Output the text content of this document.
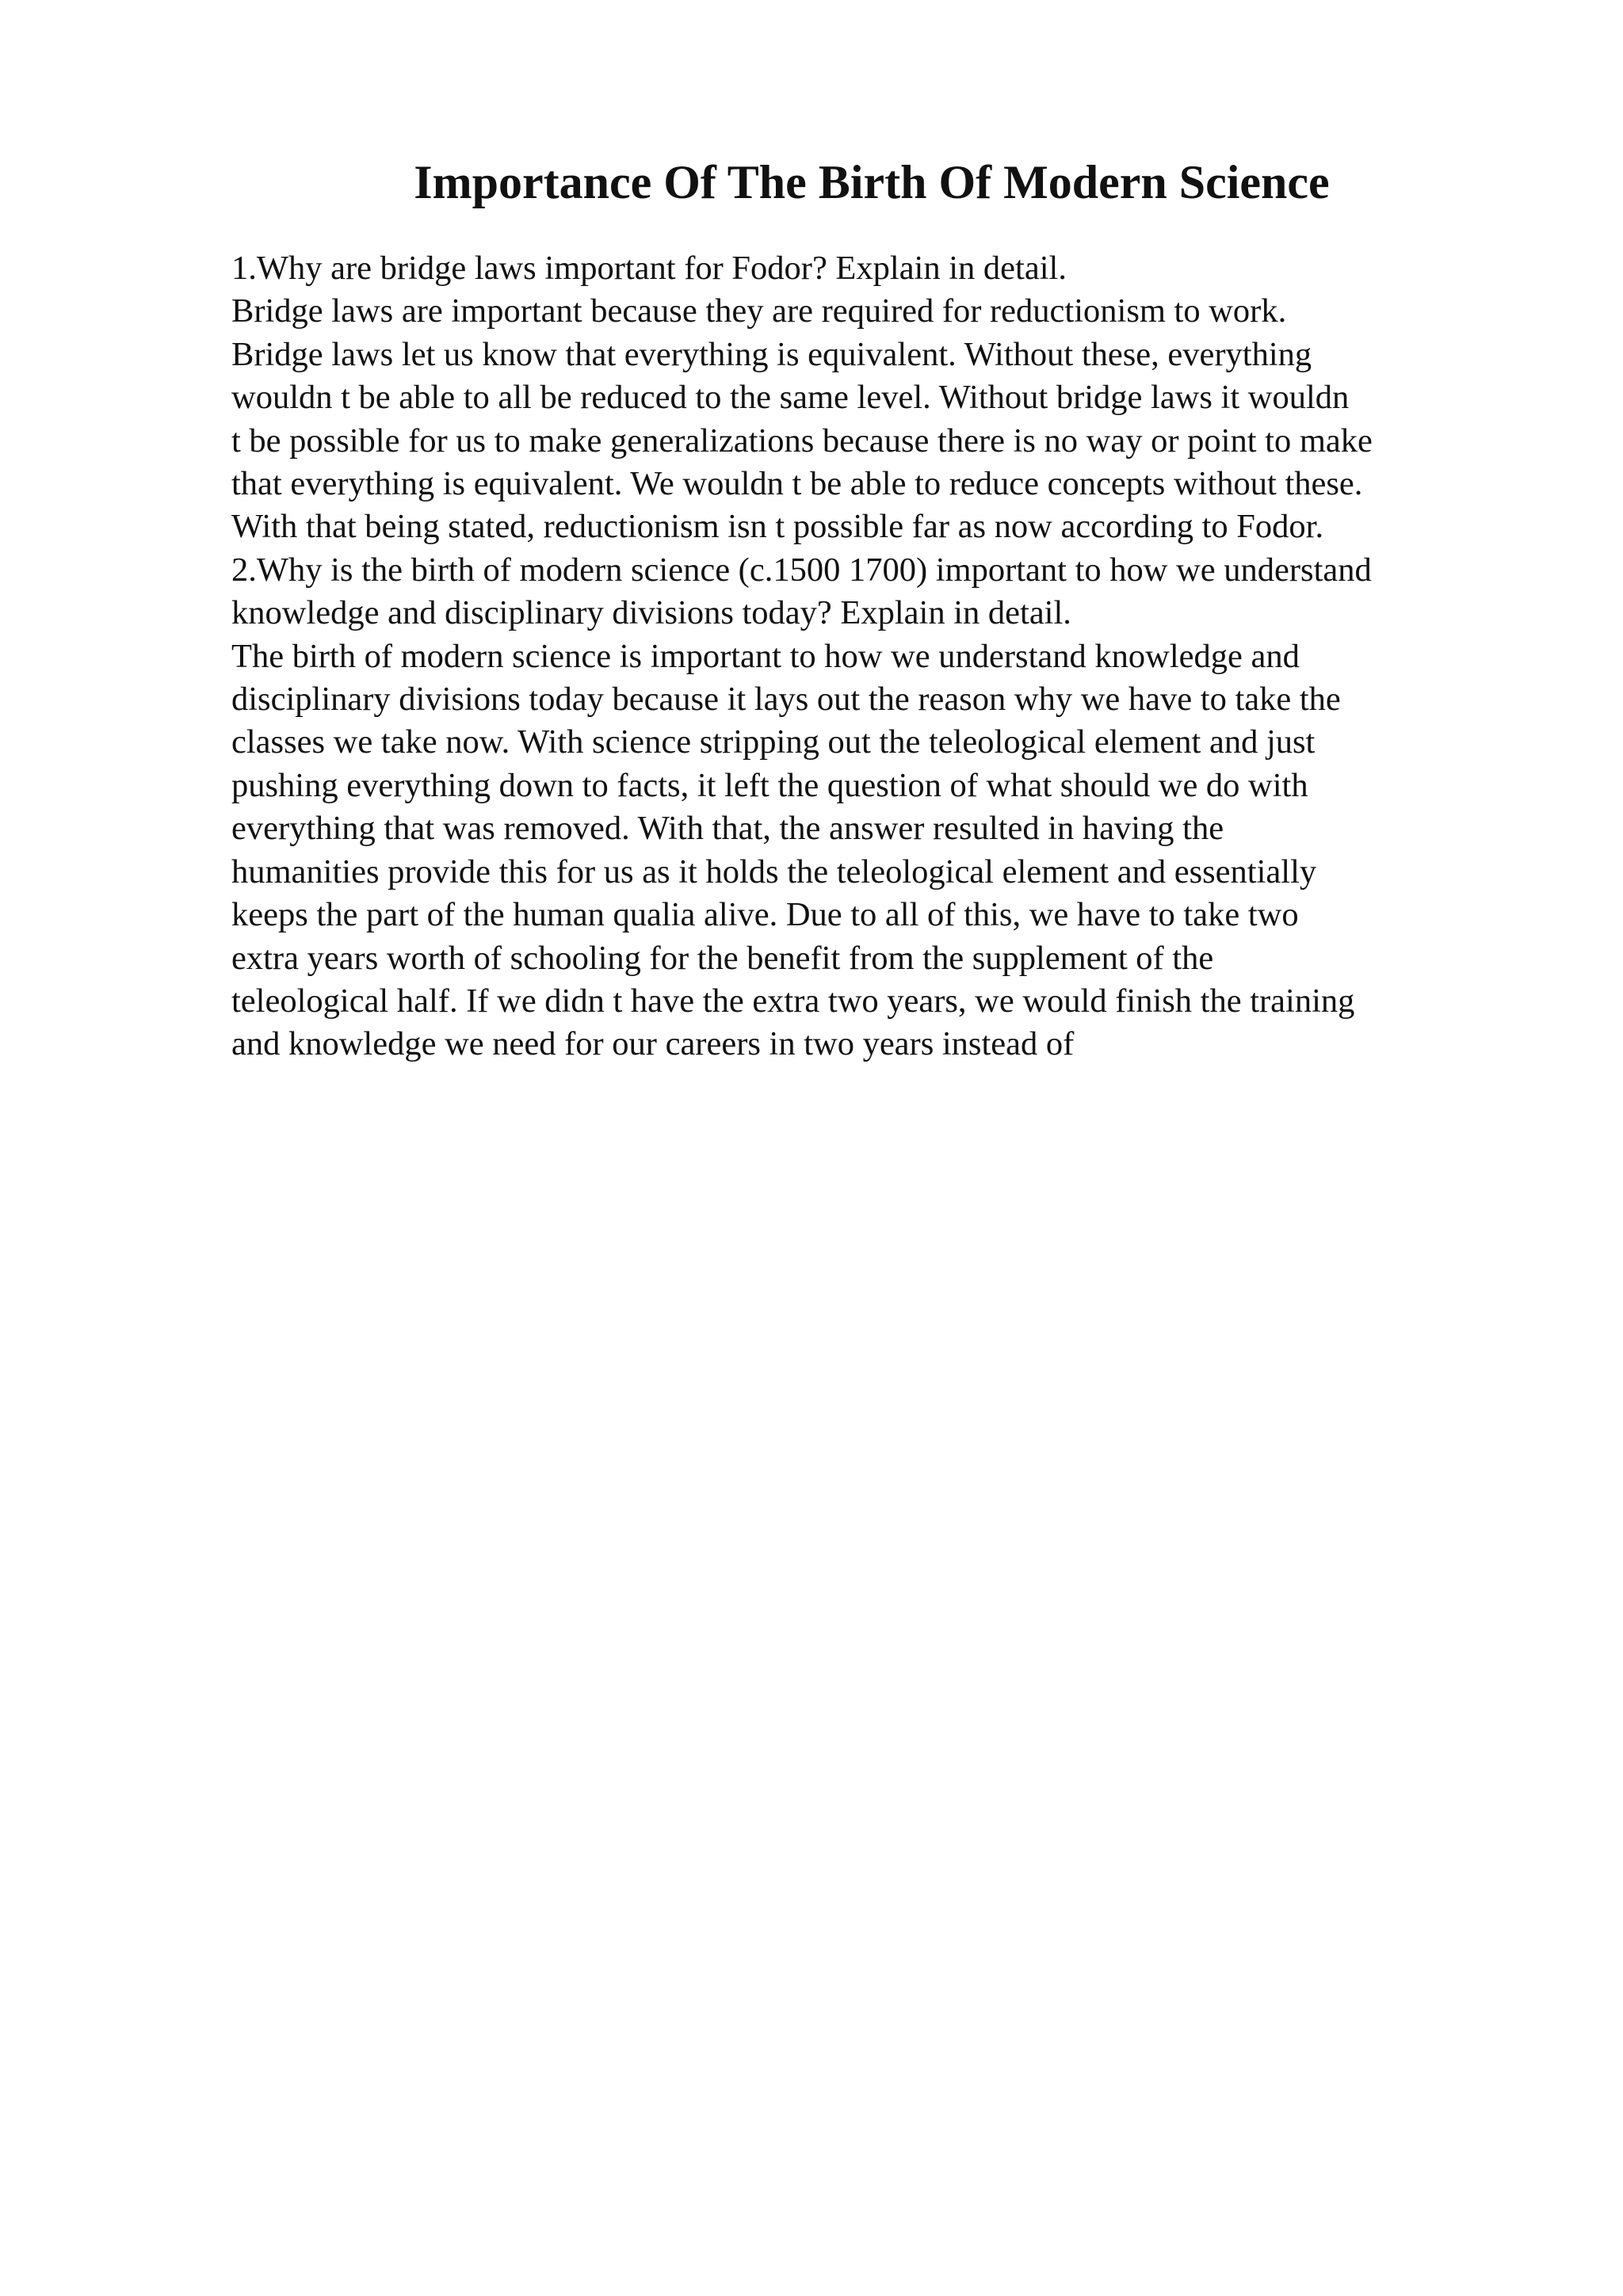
Importance Of The Birth Of Modern Science
1.Why are bridge laws important for Fodor? Explain in detail.
Bridge laws are important because they are required for reductionism to work.
Bridge laws let us know that everything is equivalent. Without these, everything
wouldn t be able to all be reduced to the same level. Without bridge laws it wouldn
t be possible for us to make generalizations because there is no way or point to make
that everything is equivalent. We wouldn t be able to reduce concepts without these.
With that being stated, reductionism isn t possible far as now according to Fodor.
2.Why is the birth of modern science (c.1500 1700) important to how we understand
knowledge and disciplinary divisions today? Explain in detail.
The birth of modern science is important to how we understand knowledge and
disciplinary divisions today because it lays out the reason why we have to take the
classes we take now. With science stripping out the teleological element and just
pushing everything down to facts, it left the question of what should we do with
everything that was removed. With that, the answer resulted in having the
humanities provide this for us as it holds the teleological element and essentially
keeps the part of the human qualia alive. Due to all of this, we have to take two
extra years worth of schooling for the benefit from the supplement of the
teleological half. If we didn t have the extra two years, we would finish the training
and knowledge we need for our careers in two years instead of
